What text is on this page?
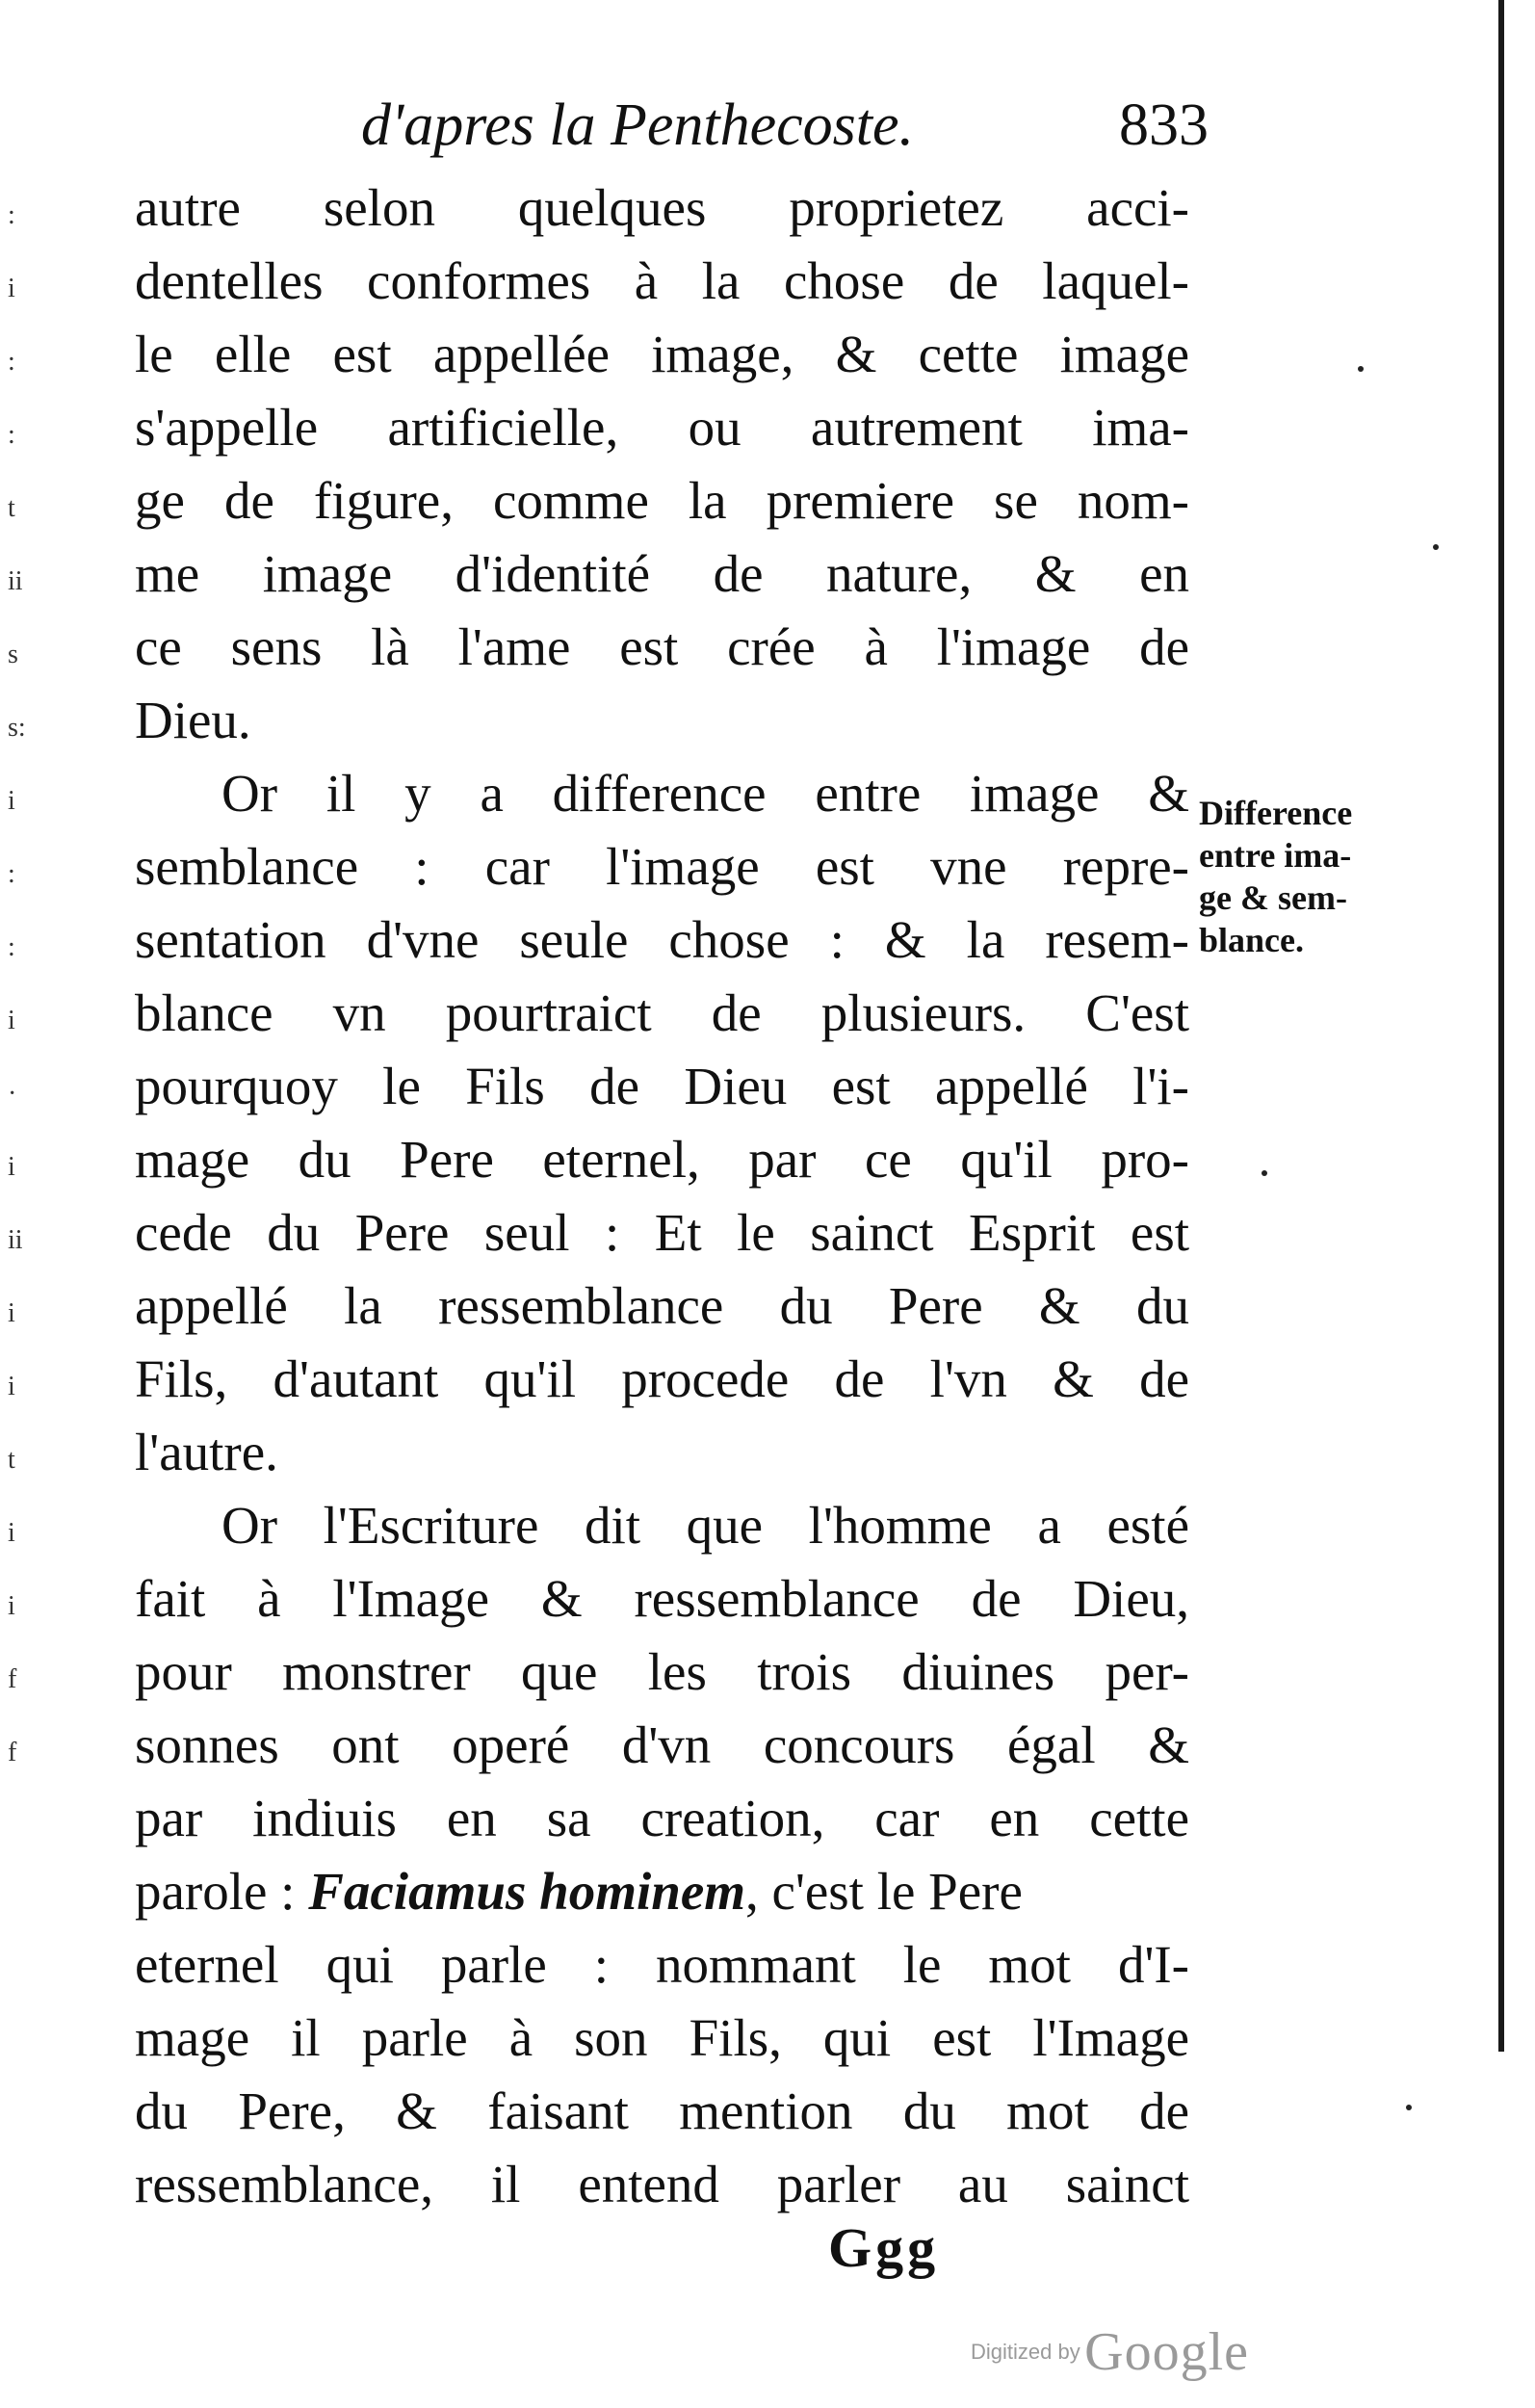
:
i
:
:
t
ii
s
s:
i
:
:
i
·
i
ii
i
i
t
i
i
f
f
d'apres la Penthecoste.	833
autre selon quelques proprietez acci-
dentelles conformes à la chose de laquel-
le elle est appellée image, & cette image
s'appelle artificielle, ou autrement ima-
ge de figure, comme la premiere se nom-
me image d'identité de nature, & en
ce sens là l'ame est crée à l'image de
Dieu.
Or il y a difference entre image &
semblance : car l'image est vne repre-
sentation d'vne seule chose : & la resem-
blance vn pourtraict de plusieurs. C'est
pourquoy le Fils de Dieu est appellé l'i-
mage du Pere eternel, par ce qu'il pro-
cede du Pere seul : Et le sainct Esprit est
appellé la ressemblance du Pere & du
Fils, d'autant qu'il procede de l'vn & de
l'autre.
Or l'Escriture dit que l'homme a esté
fait à l'Image & ressemblance de Dieu,
pour monstrer que les trois diuines per-
sonnes ont operé d'vn concours égal &
par indiuis en sa creation, car en cette
parole : Faciamus hominem, c'est le Pere
eternel qui parle : nommant le mot d'I-
mage il parle à son Fils, qui est l'Image
du Pere, & faisant mention du mot de
ressemblance, il entend parler au sainct
Difference
entre ima-
ge & sem-
blance.
Ggg
Digitized by Google
